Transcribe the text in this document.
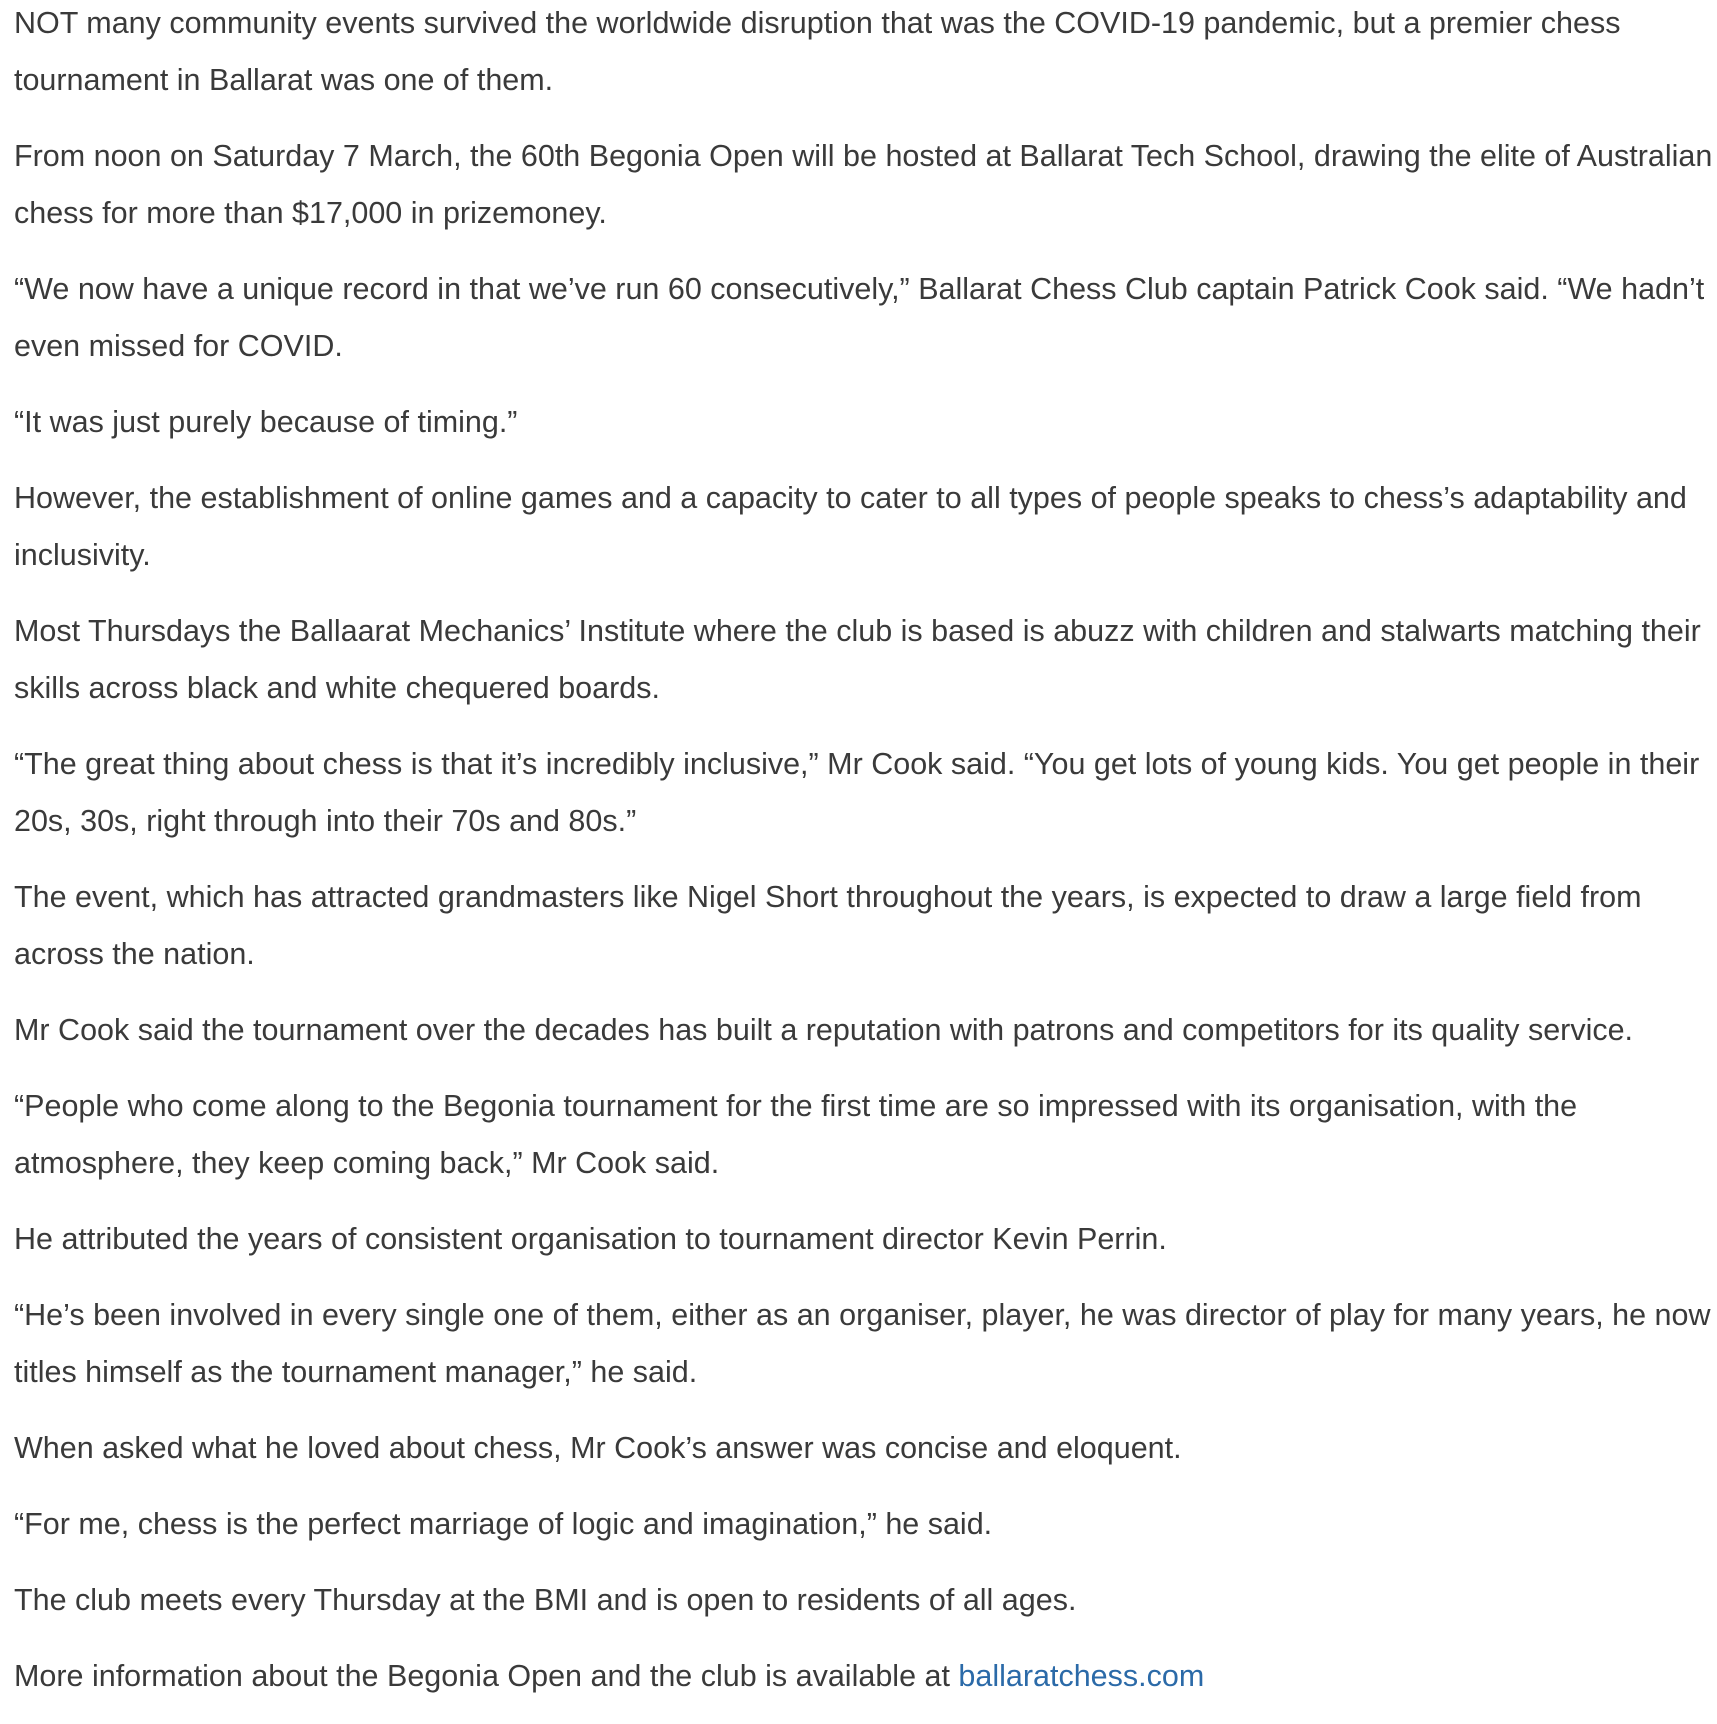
NOT many community events survived the worldwide disruption that was the COVID-19 pandemic, but a premier chess tournament in Ballarat was one of them.

From noon on Saturday 7 March, the 60th Begonia Open will be hosted at Ballarat Tech School, drawing the elite of Australian chess for more than $17,000 in prizemoney.

“We now have a unique record in that we’ve run 60 consecutively,” Ballarat Chess Club captain Patrick Cook said. “We hadn’t even missed for COVID.

“It was just purely because of timing.”

However, the establishment of online games and a capacity to cater to all types of people speaks to chess’s adaptability and inclusivity.

Most Thursdays the Ballaarat Mechanics’ Institute where the club is based is abuzz with children and stalwarts matching their skills across black and white chequered boards.

“The great thing about chess is that it’s incredibly inclusive,” Mr Cook said. “You get lots of young kids. You get people in their 20s, 30s, right through into their 70s and 80s.”

The event, which has attracted grandmasters like Nigel Short throughout the years, is expected to draw a large field from across the nation.

Mr Cook said the tournament over the decades has built a reputation with patrons and competitors for its quality service.

“People who come along to the Begonia tournament for the first time are so impressed with its organisation, with the atmosphere, they keep coming back,” Mr Cook said.

He attributed the years of consistent organisation to tournament director Kevin Perrin.

“He’s been involved in every single one of them, either as an organiser, player, he was director of play for many years, he now titles himself as the tournament manager,” he said.

When asked what he loved about chess, Mr Cook’s answer was concise and eloquent.

“For me, chess is the perfect marriage of logic and imagination,” he said.

The club meets every Thursday at the BMI and is open to residents of all ages.

More information about the Begonia Open and the club is available at ballaratchess.com
